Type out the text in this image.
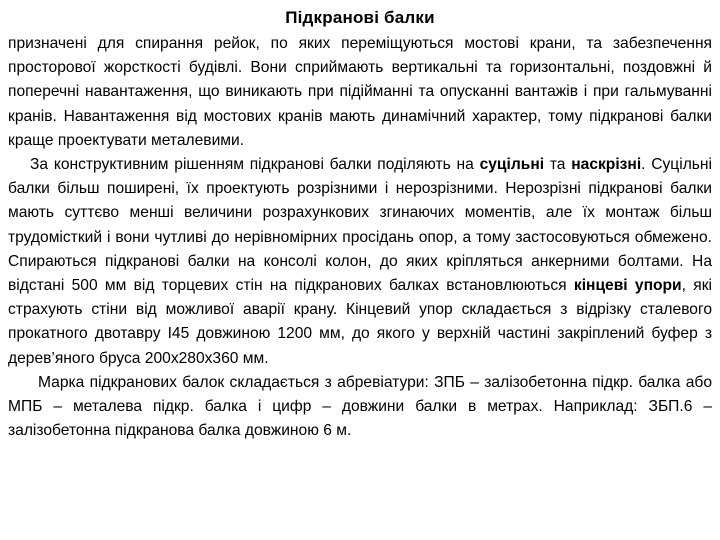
Підкранові балки

призначені для спирання рейок, по яких переміщуються мостові крани, та забезпечення просторової жорсткості будівлі. Вони сприймають вертикальні та горизонтальні, поздовжні й поперечні навантаження, що виникають при підійманні та опусканні вантажів і при гальмуванні кранів. Навантаження від мостових кранів мають динамічний характер, тому підкранові балки краще проектувати металевими.

За конструктивним рішенням підкранові балки поділяють на суцільні та наскрізні. Суцільні балки більш поширені, їх проектують розрізними і нерозрізними. Нерозрізні підкранові балки мають суттєво менші величини розрахункових згинаючих моментів, але їх монтаж більш трудомісткий і вони чутливі до нерівномірних просідань опор, а тому застосовуються обмежено. Спираються підкранові балки на консолі колон, до яких кріпляться анкерними болтами. На відстані 500 мм від торцевих стін на підкранових балках встановлюються кінцеві упори, які страхують стіни від можливої аварії крану. Кінцевий упор складається з відрізку сталевого прокатного двотавру І45 довжиною 1200 мм, до якого у верхній частині закріплений буфер з дерев’яного бруса 200х280х360 мм.

Марка підкранових балок складається з абревіатури: ЗПБ – залізобетонна підкр. балка або МПБ – металева підкр. балка і цифр – довжини балки в метрах. Наприклад: ЗБП.6 – залізобетонна підкранова балка довжиною 6 м.
